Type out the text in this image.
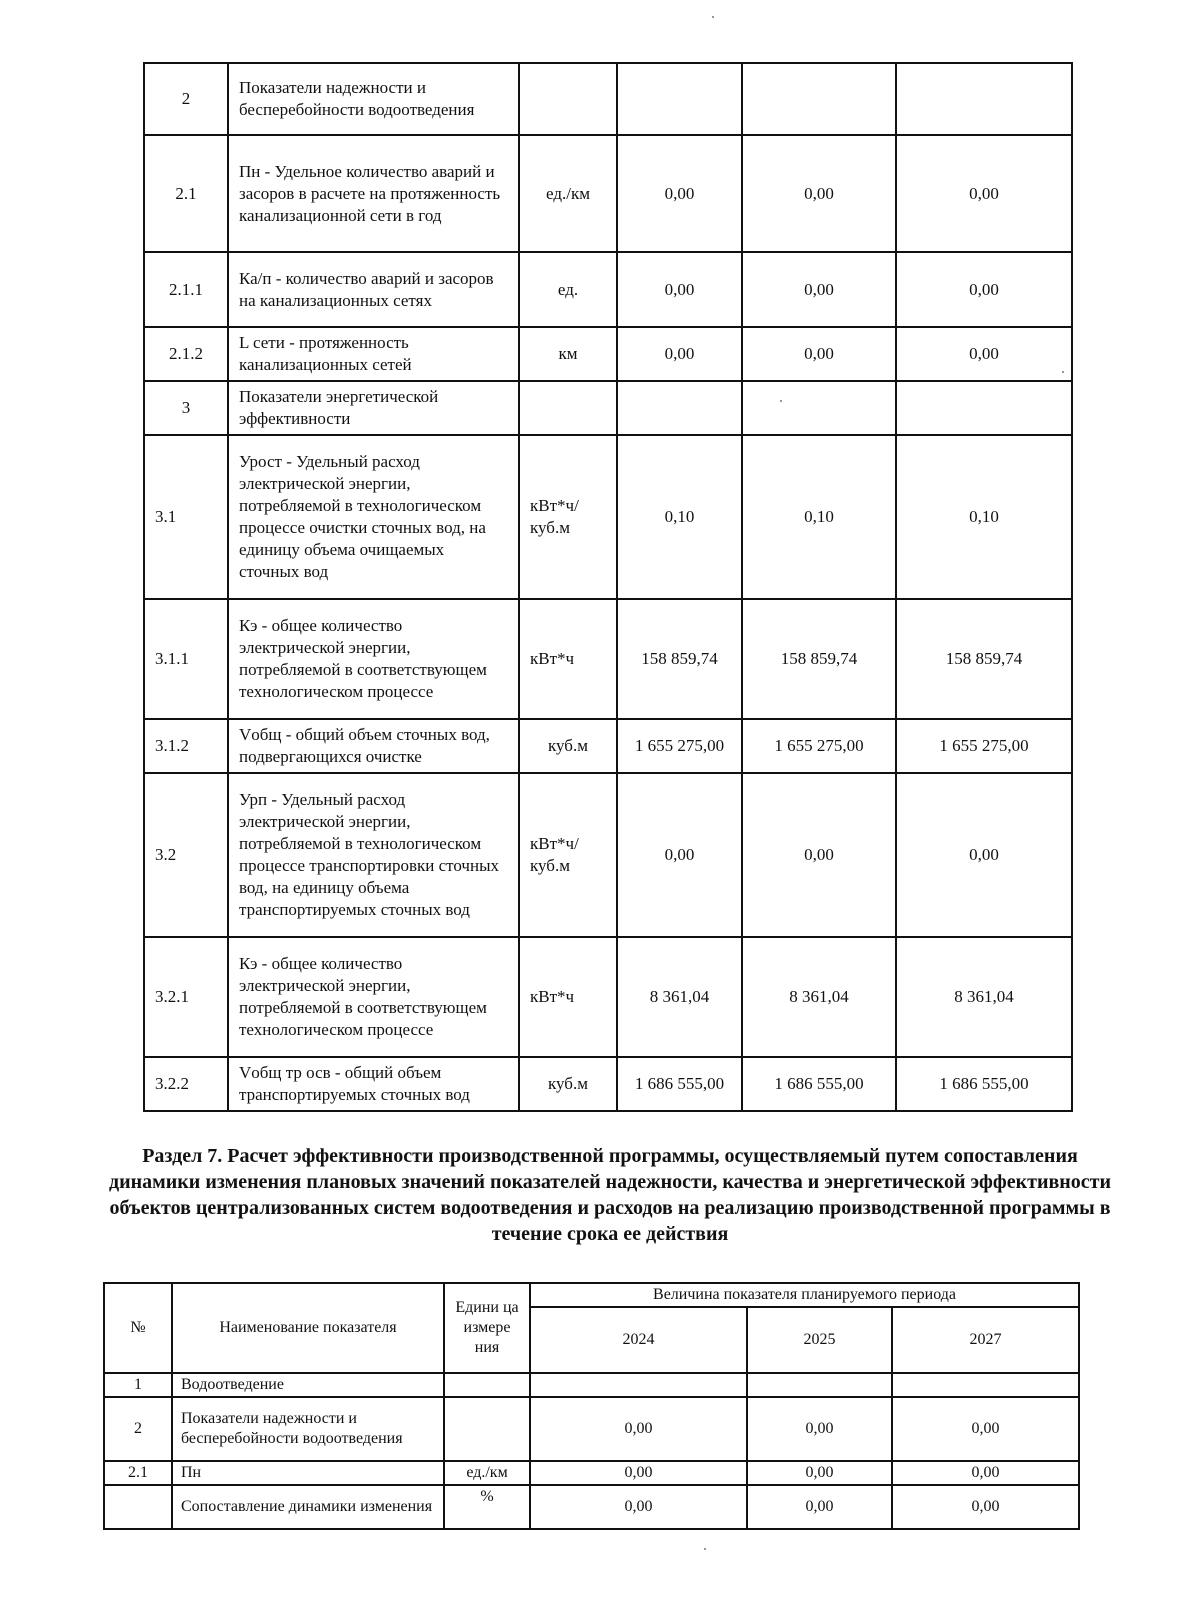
2	Показатели надежности и бесперебойности водоотведения				
2.1	Пн - Удельное количество аварий и засоров в расчете на протяженность канализационной сети в год	ед./км	0,00	0,00	0,00
2.1.1	Ка/п - количество аварий и засоров на канализационных сетях	ед.	0,00	0,00	0,00
2.1.2	L сети - протяженность канализационных сетей	км	0,00	0,00	0,00
3	Показатели энергетической эффективности				
3.1	Урост - Удельный расход электрической энергии, потребляемой в технологическом процессе очистки сточных вод, на единицу объема очищаемых сточных вод	кВт*ч/ куб.м	0,10	0,10	0,10
3.1.1	Кэ - общее количество электрической энергии, потребляемой в соответствующем технологическом процессе	кВт*ч	158 859,74	158 859,74	158 859,74
3.1.2	Vобщ - общий объем сточных вод, подвергающихся очистке	куб.м	1 655 275,00	1 655 275,00	1 655 275,00
3.2	Урп - Удельный расход электрической энергии, потребляемой в технологическом процессе транспортировки сточных вод, на единицу объема транспортируемых сточных вод	кВт*ч/ куб.м	0,00	0,00	0,00
3.2.1	Кэ - общее количество электрической энергии, потребляемой в соответствующем технологическом процессе	кВт*ч	8 361,04	8 361,04	8 361,04
3.2.2	Vобщ тр осв - общий объем транспортируемых сточных вод	куб.м	1 686 555,00	1 686 555,00	1 686 555,00
Раздел 7. Расчет эффективности производственной программы, осуществляемый путем сопоставления динамики изменения плановых значений показателей надежности, качества и энергетической эффективности объектов централизованных систем водоотведения и расходов на реализацию производственной программы в течение срока ее действия
№	Наименование показателя	Едини ца измере ния	Величина показателя планируемого периода		
			2024	2025	2027
1	Водоотведение				
2	Показатели надежности и бесперебойности водоотведения		0,00	0,00	0,00
2.1	Пн	ед./км	0,00	0,00	0,00
	Сопоставление динамики изменения	%	0,00	0,00	0,00
